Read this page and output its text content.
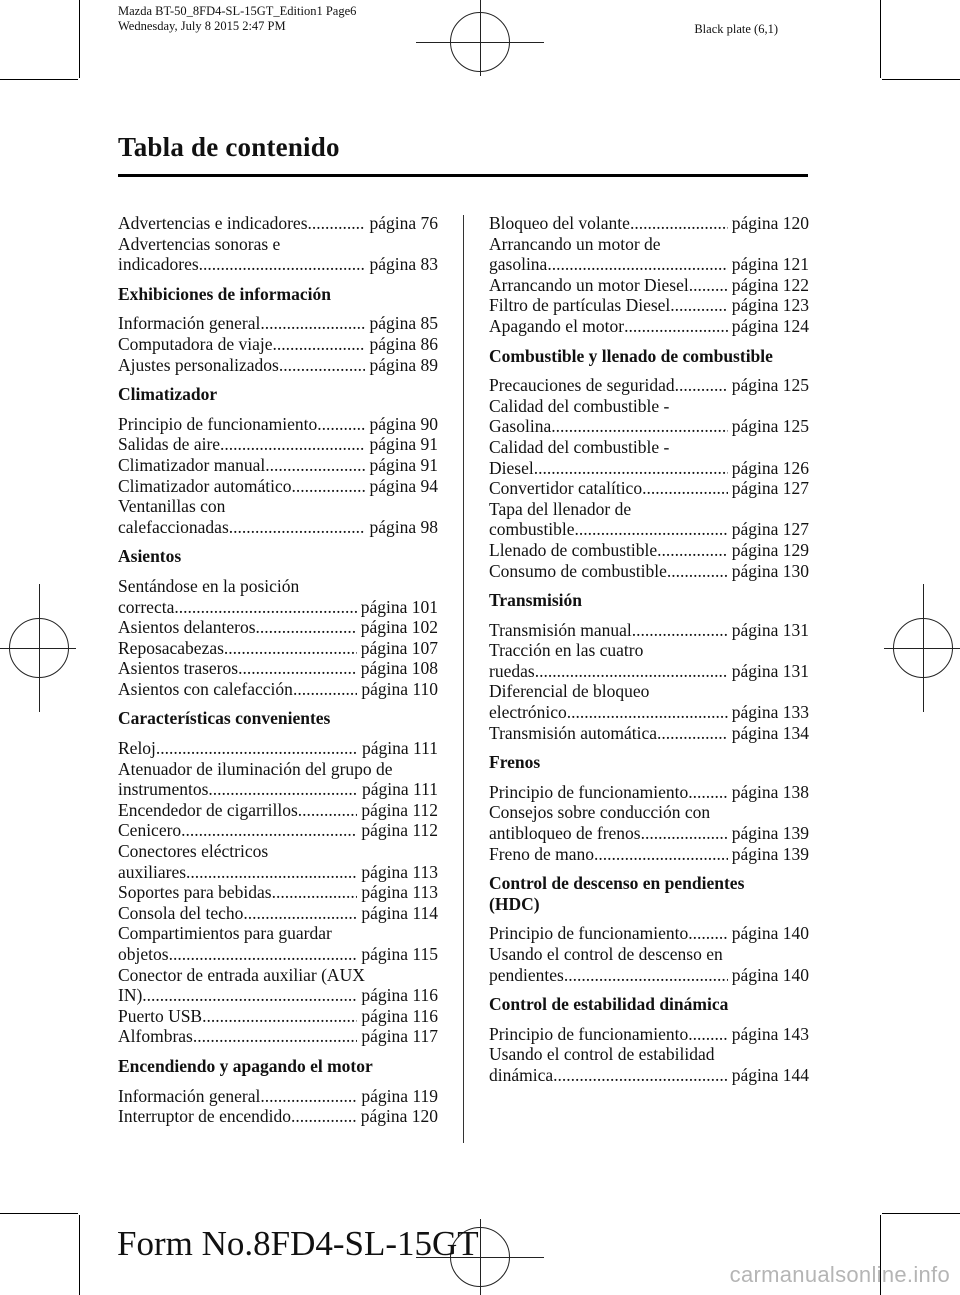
Mazda BT-50_8FD4-SL-15GT_Edition1 Page6
Wednesday, July 8 2015 2:47 PM	Black plate (6,1)
Tabla de contenido
Advertencias e indicadores .....	página 76
Advertencias sonoras e
indicadores .....	página 83
Exhibiciones de información
Información general .....	página 85
Computadora de viaje .....	página 86
Ajustes personalizados .....	página 89
Climatizador
Principio de funcionamiento .....	página 90
Salidas de aire .....	página 91
Climatizador manual .....	página 91
Climatizador automático .....	página 94
Ventanillas con
calefaccionadas .....	página 98
Asientos
Sentándose en la posición
correcta .....	página 101
Asientos delanteros .....	página 102
Reposacabezas .....	página 107
Asientos traseros .....	página 108
Asientos con calefacción .....	página 110
Características convenientes
Reloj .....	página 111
Atenuador de iluminación del grupo de
instrumentos .....	página 111
Encendedor de cigarrillos .....	página 112
Cenicero .....	página 112
Conectores eléctricos
auxiliares .....	página 113
Soportes para bebidas .....	página 113
Consola del techo .....	página 114
Compartimientos para guardar
objetos .....	página 115
Conector de entrada auxiliar (AUX
IN) .....	página 116
Puerto USB .....	página 116
Alfombras .....	página 117
Encendiendo y apagando el motor
Información general .....	página 119
Interruptor de encendido .....	página 120
Bloqueo del volante .....	página 120
Arrancando un motor de
gasolina .....	página 121
Arrancando un motor Diesel ..... página 122
Filtro de partículas Diesel .....	página 123
Apagando el motor .....	página 124
Combustible y llenado de combustible
Precauciones de seguridad .....	página 125
Calidad del combustible -
Gasolina .....	página 125
Calidad del combustible -
Diesel .....	página 126
Convertidor catalítico .....	página 127
Tapa del llenador de
combustible .....	página 127
Llenado de combustible .....	página 129
Consumo de combustible .....	página 130
Transmisión
Transmisión manual .....	página 131
Tracción en las cuatro
ruedas .....	página 131
Diferencial de bloqueo
electrónico .....	página 133
Transmisión automática .....	página 134
Frenos
Principio de funcionamiento ..... página 138
Consejos sobre conducción con
antibloqueo de frenos .....	página 139
Freno de mano .....	página 139
Control de descenso en pendientes
(HDC)
Principio de funcionamiento ..... página 140
Usando el control de descenso en
pendientes .....	página 140
Control de estabilidad dinámica
Principio de funcionamiento ..... página 143
Usando el control de estabilidad
dinámica .....	página 144
Form No.8FD4-SL-15GT
carmanualsonline.info
